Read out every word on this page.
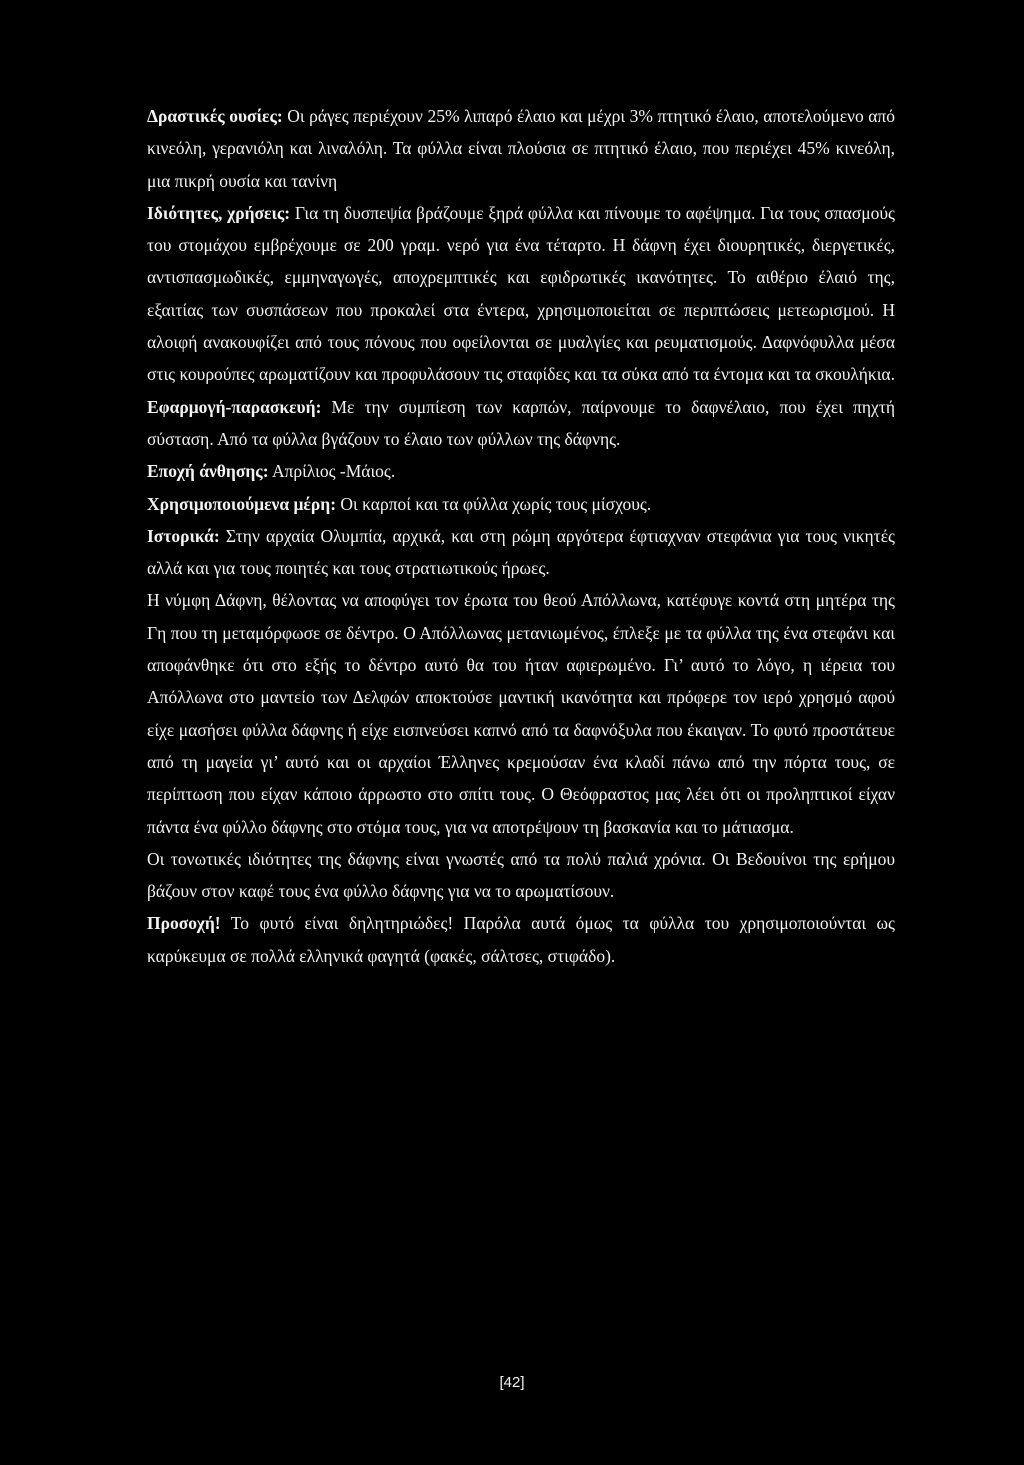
Δραστικές ουσίες: Οι ράγες περιέχουν 25% λιπαρό έλαιο και μέχρι 3% πτητικό έλαιο, αποτελούμενο από κινεόλη, γερανιόλη και λιναλόλη. Τα φύλλα είναι πλούσια σε πτητικό έλαιο, που περιέχει 45% κινεόλη, μια πικρή ουσία και τανίνη

Ιδιότητες, χρήσεις: Για τη δυσπεψία βράζουμε ξηρά φύλλα και πίνουμε το αφέψημα. Για τους σπασμούς του στομάχου εμβρέχουμε σε 200 γραμ. νερό για ένα τέταρτο. Η δάφνη έχει διουρητικές, διεργετικές, αντισπασμωδικές, εμμηναγωγές, αποχρεμπτικές και εφιδρωτικές ικανότητες. Το αιθέριο έλαιό της, εξαιτίας των συσπάσεων που προκαλεί στα έντερα, χρησιμοποιείται σε περιπτώσεις μετεωρισμού. Η αλοιφή ανακουφίζει από τους πόνους που οφείλονται σε μυαλγίες και ρευματισμούς. Δαφνόφυλλα μέσα στις κουρούπες αρωματίζουν και προφυλάσουν τις σταφίδες και τα σύκα από τα έντομα και τα σκουλήκια.

Εφαρμογή-παρασκευή: Με την συμπίεση των καρπών, παίρνουμε το δαφνέλαιο, που έχει πηχτή σύσταση. Από τα φύλλα βγάζουν το έλαιο των φύλλων της δάφνης.

Εποχή άνθησης: Απρίλιος -Μάιος.

Χρησιμοποιούμενα μέρη: Οι καρποί και τα φύλλα χωρίς τους μίσχους.

Ιστορικά: Στην αρχαία Ολυμπία, αρχικά, και στη ρώμη αργότερα έφτιαχναν στεφάνια για τους νικητές αλλά και για τους ποιητές και τους στρατιωτικούς ήρωες.

Η νύμφη Δάφνη, θέλοντας να αποφύγει τον έρωτα του θεού Απόλλωνα, κατέφυγε κοντά στη μητέρα της Γη που τη μεταμόρφωσε σε δέντρο. Ο Απόλλωνας μετανιωμένος, έπλεξε με τα φύλλα της ένα στεφάνι και αποφάνθηκε ότι στο εξής το δέντρο αυτό θα του ήταν αφιερωμένο. Γι’ αυτό το λόγο, η ιέρεια του Απόλλωνα στο μαντείο των Δελφών αποκτούσε μαντική ικανότητα και πρόφερε τον ιερό χρησμό αφού είχε μασήσει φύλλα δάφνης ή είχε εισπνεύσει καπνό από τα δαφνόξυλα που έκαιγαν. Το φυτό προστάτευε από τη μαγεία γι’ αυτό και οι αρχαίοι Έλληνες κρεμούσαν ένα κλαδί πάνω από την πόρτα τους, σε περίπτωση που είχαν κάποιο άρρωστο στο σπίτι τους. Ο Θεόφραστος μας λέει ότι οι προληπτικοί είχαν πάντα ένα φύλλο δάφνης στο στόμα τους, για να αποτρέψουν τη βασκανία και το μάτιασμα.

Οι τονωτικές ιδιότητες της δάφνης είναι γνωστές από τα πολύ παλιά χρόνια. Οι Βεδουίνοι της ερήμου βάζουν στον καφέ τους ένα φύλλο δάφνης για να το αρωματίσουν.

Προσοχή! Το φυτό είναι δηλητηριώδες! Παρόλα αυτά όμως τα φύλλα του χρησιμοποιούνται ως καρύκευμα σε πολλά ελληνικά φαγητά (φακές, σάλτσες, στιφάδο).

[42]
